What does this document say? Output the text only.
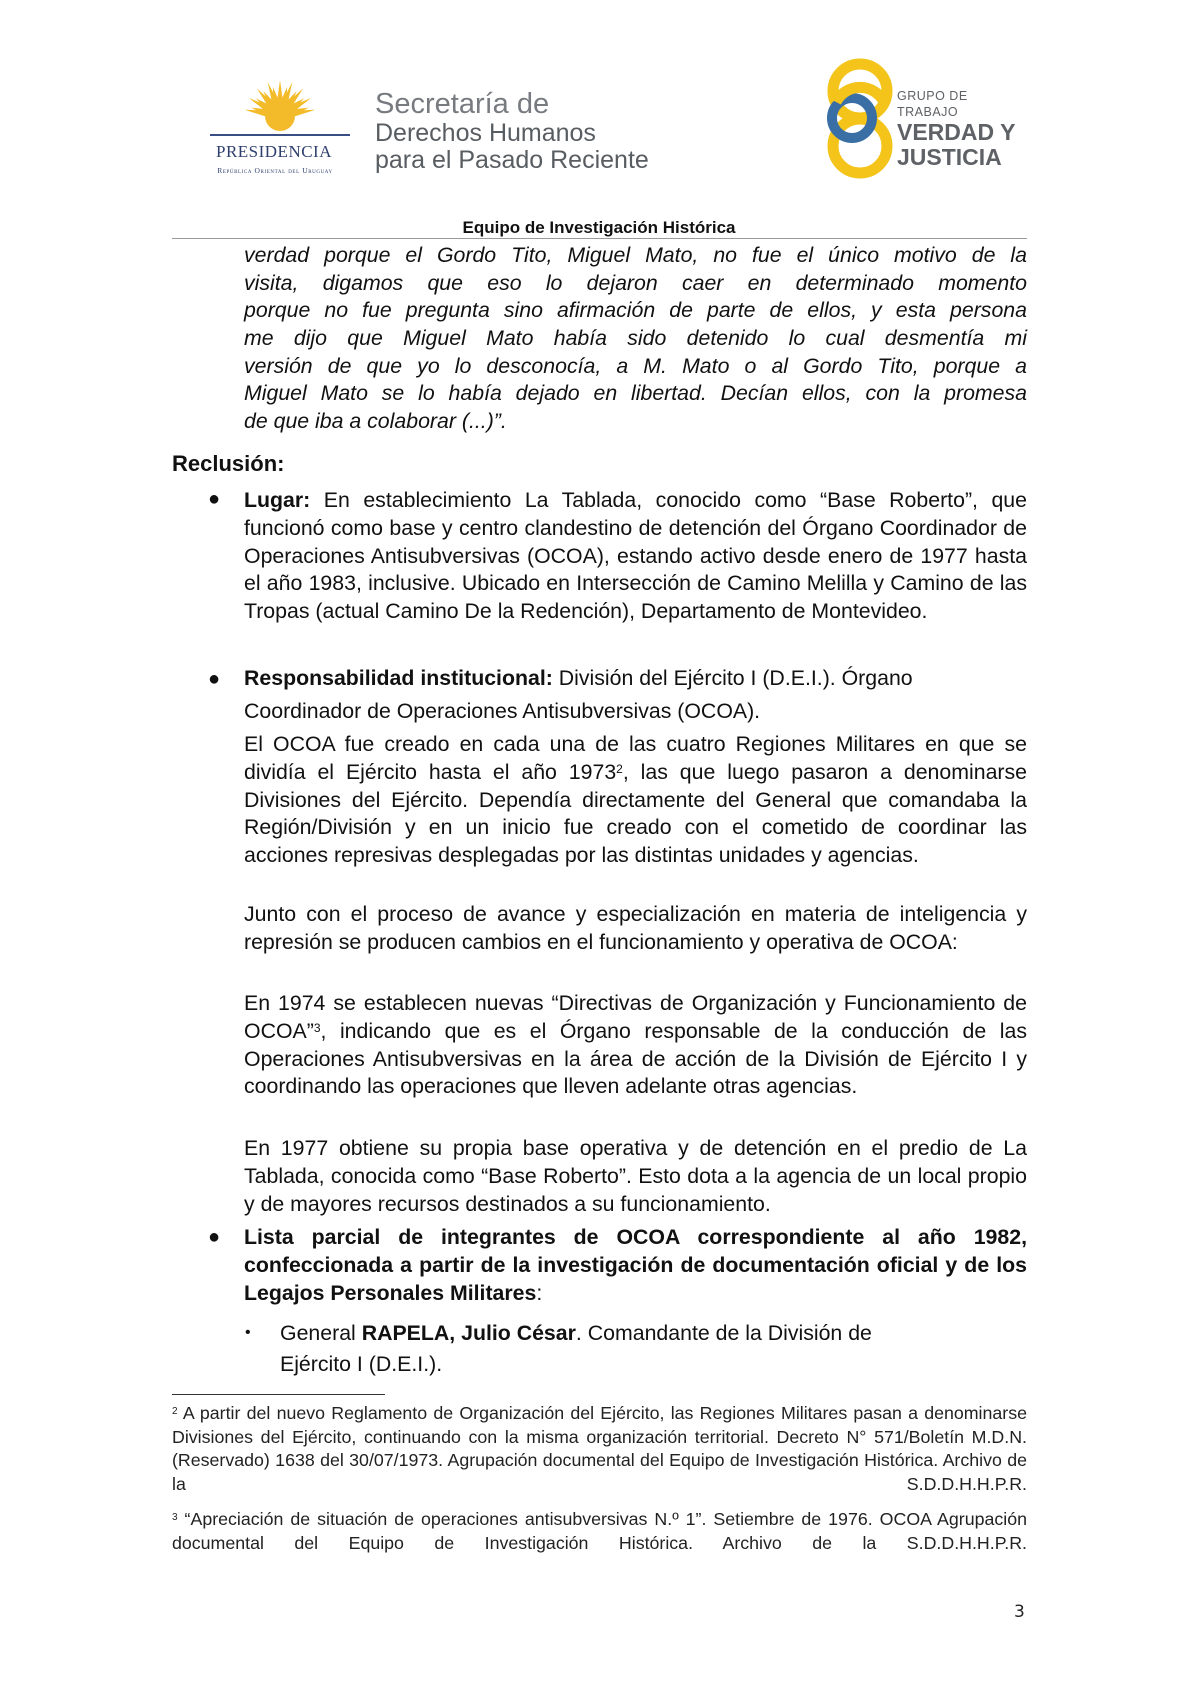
PRESIDENCIA
República Oriental del Uruguay
Secretaría de
Derechos Humanos
para el Pasado Reciente
GRUPO DE TRABAJO
VERDAD Y
JUSTICIA
Equipo de Investigación Histórica
verdad porque el Gordo Tito, Miguel Mato, no fue el único motivo de la
visita, digamos que eso lo dejaron caer en determinado momento
porque no fue pregunta sino afirmación de parte de ellos, y esta persona
me dijo que Miguel Mato había sido detenido lo cual desmentía mi
versión de que yo lo desconocía, a M. Mato o al Gordo Tito, porque a
Miguel Mato se lo había dejado en libertad. Decían ellos, con la promesa
de que iba a colaborar (...)”.
Reclusión:
● Lugar: En establecimiento La Tablada, conocido como “Base Roberto”, que funcionó como base y centro clandestino de detención del Órgano Coordinador de Operaciones Antisubversivas (OCOA), estando activo desde enero de 1977 hasta el año 1983, inclusive. Ubicado en Intersección de Camino Melilla y Camino de las Tropas (actual Camino De la Redención), Departamento de Montevideo.

● Responsabilidad institucional: División del Ejército I (D.E.I.). Órgano
Coordinador de Operaciones Antisubversivas (OCOA).

El OCOA fue creado en cada una de las cuatro Regiones Militares en que se dividía el Ejército hasta el año 1973$^2$, las que luego pasaron a denominarse Divisiones del Ejército. Dependía directamente del General que comandaba la Región/División y en un inicio fue creado con el cometido de coordinar las acciones represivas desplegadas por las distintas unidades y agencias.

Junto con el proceso de avance y especialización en materia de inteligencia y represión se producen cambios en el funcionamiento y operativa de OCOA:

En 1974 se establecen nuevas “Directivas de Organización y Funcionamiento de OCOA”$^3$, indicando que es el Órgano responsable de la conducción de las Operaciones Antisubversivas en la área de acción de la División de Ejército I y coordinando las operaciones que lleven adelante otras agencias.

En 1977 obtiene su propia base operativa y de detención en el predio de La Tablada, conocida como “Base Roberto”. Esto dota a la agencia de un local propio y de mayores recursos destinados a su funcionamiento.

● Lista parcial de integrantes de OCOA correspondiente al año 1982, confeccionada a partir de la investigación de documentación oficial y de los Legajos Personales Militares:

• General RAPELA, Julio César. Comandante de la División de
Ejército I (D.E.I.).

$^2$ A partir del nuevo Reglamento de Organización del Ejército, las Regiones Militares pasan a denominarse Divisiones del Ejército, continuando con la misma organización territorial. Decreto N° 571/Boletín M.D.N. (Reservado) 1638 del 30/07/1973. Agrupación documental del Equipo de Investigación Histórica. Archivo de la S.D.D.H.H.P.R.

$^3$ “Apreciación de situación de operaciones antisubversivas N.º 1”. Setiembre de 1976. OCOA Agrupación documental del Equipo de Investigación Histórica. Archivo de la S.D.D.H.H.P.R.

3
